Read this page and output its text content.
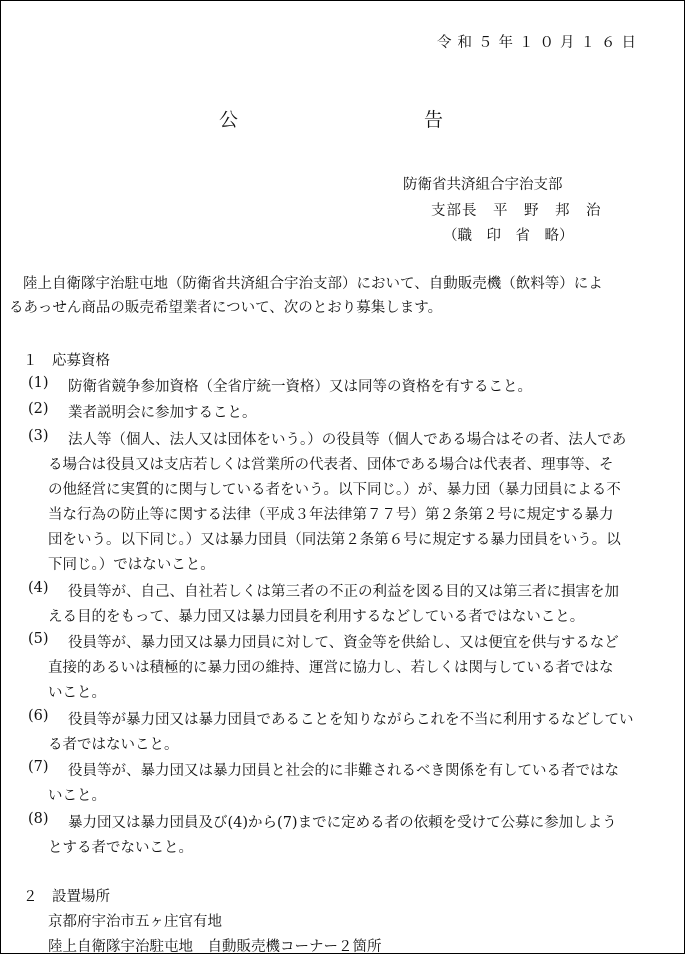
令和５年１０月１６日
公	告
防衛省共済組合宇治支部
支部長　平　野　邦　治
（職　印　省　略）
陸上自衛隊宇治駐屯地（防衛省共済組合宇治支部）において、自動販売機（飲料等）によ
るあっせん商品の販売希望業者について、次のとおり募集します。
１　応募資格
(1) 防衛省競争参加資格（全省庁統一資格）又は同等の資格を有すること。
(2) 業者説明会に参加すること。
(3) 法人等（個人、法人又は団体をいう。）の役員等（個人である場合はその者、法人であ
る場合は役員又は支店若しくは営業所の代表者、団体である場合は代表者、理事等、そ
の他経営に実質的に関与している者をいう。以下同じ。）が、暴力団（暴力団員による不
当な行為の防止等に関する法律（平成３年法律第７７号）第２条第２号に規定する暴力
団をいう。以下同じ。）又は暴力団員（同法第２条第６号に規定する暴力団員をいう。以
下同じ。）ではないこと。
(4) 役員等が、自己、自社若しくは第三者の不正の利益を図る目的又は第三者に損害を加
える目的をもって、暴力団又は暴力団員を利用するなどしている者ではないこと。
(5) 役員等が、暴力団又は暴力団員に対して、資金等を供給し、又は便宜を供与するなど
直接的あるいは積極的に暴力団の維持、運営に協力し、若しくは関与している者ではな
いこと。
(6) 役員等が暴力団又は暴力団員であることを知りながらこれを不当に利用するなどしてい
る者ではないこと。
(7) 役員等が、暴力団又は暴力団員と社会的に非難されるべき関係を有している者ではな
いこと。
(8) 暴力団又は暴力団員及び(4)から(7)までに定める者の依頼を受けて公募に参加しよう
とする者でないこと。
２　設置場所
京都府宇治市五ヶ庄官有地
陸上自衛隊宇治駐屯地　自動販売機コーナー２箇所
